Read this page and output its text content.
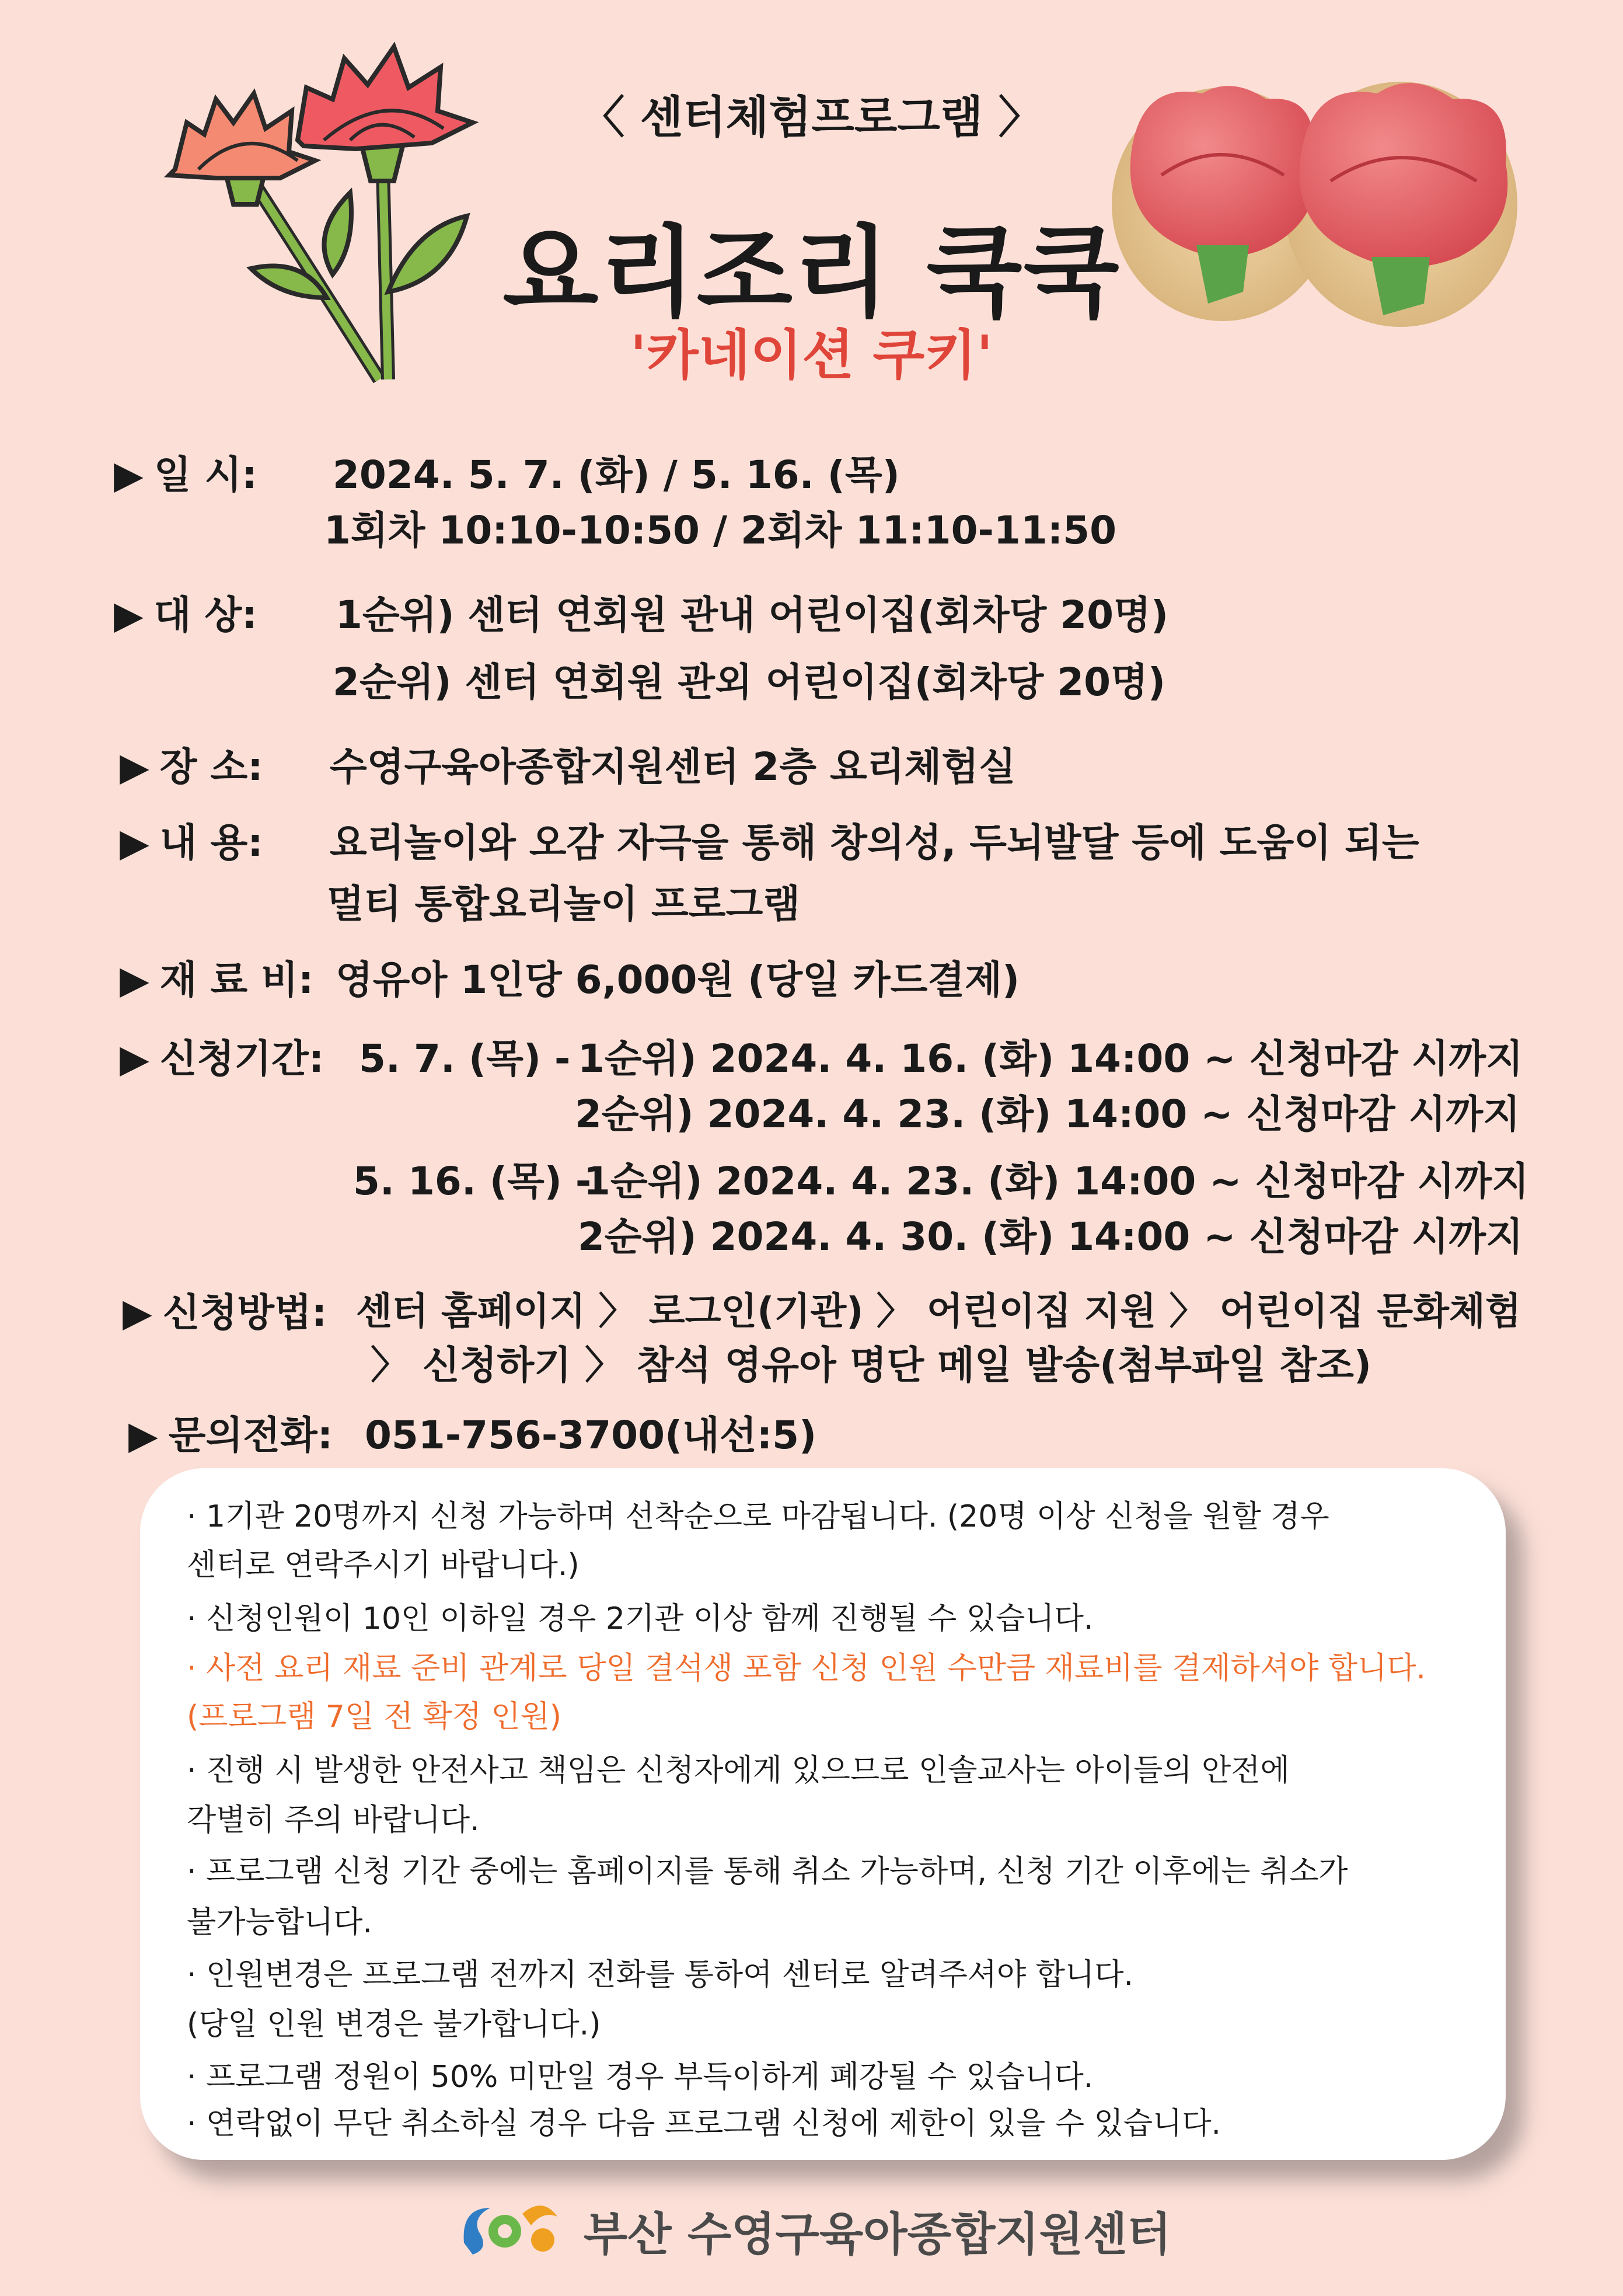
〈 센터체험프로그램 〉
요리조리 쿡쿡
'카네이션 쿠키'
▶ 일 시: 2024. 5. 7. (화) / 5. 16. (목)
1회차 10:10-10:50 / 2회차 11:10-11:50
▶ 대 상: 1순위) 센터 연회원 관내 어린이집(회차당 20명)
2순위) 센터 연회원 관외 어린이집(회차당 20명)
▶ 장 소: 수영구육아종합지원센터 2층 요리체험실
▶ 내 용: 요리놀이와 오감 자극을 통해 창의성, 두뇌발달 등에 도움이 되는
멀티 통합요리놀이 프로그램
▶ 재 료 비: 영유아 1인당 6,000원 (당일 카드결제)
▶ 신청기간: 5. 7. (목) - 1순위) 2024. 4. 16. (화) 14:00 ~ 신청마감 시까지
2순위) 2024. 4. 23. (화) 14:00 ~ 신청마감 시까지
5. 16. (목) -
1순위) 2024. 4. 23. (화) 14:00 ~ 신청마감 시까지
2순위) 2024. 4. 30. (화) 14:00 ~ 신청마감 시까지
▶ 신청방법: 센터 홈페이지 〉 로그인(기관) 〉 어린이집 지원 〉 어린이집 문화체험
〉 신청하기 〉 참석 영유아 명단 메일 발송(첨부파일 참조)
▶ 문의전화: 051-756-3700(내선:5)
· 1기관 20명까지 신청 가능하며 선착순으로 마감됩니다. (20명 이상 신청을 원할 경우
센터로 연락주시기 바랍니다.)
· 신청인원이 10인 이하일 경우 2기관 이상 함께 진행될 수 있습니다.
· 사전 요리 재료 준비 관계로 당일 결석생 포함 신청 인원 수만큼 재료비를 결제하셔야 합니다.
(프로그램 7일 전 확정 인원)
· 진행 시 발생한 안전사고 책임은 신청자에게 있으므로 인솔교사는 아이들의 안전에
각별히 주의 바랍니다.
· 프로그램 신청 기간 중에는 홈페이지를 통해 취소 가능하며, 신청 기간 이후에는 취소가
불가능합니다.
· 인원변경은 프로그램 전까지 전화를 통하여 센터로 알려주셔야 합니다.
(당일 인원 변경은 불가합니다.)
· 프로그램 정원이 50% 미만일 경우 부득이하게 폐강될 수 있습니다.
· 연락없이 무단 취소하실 경우 다음 프로그램 신청에 제한이 있을 수 있습니다.
부산 수영구육아종합지원센터
